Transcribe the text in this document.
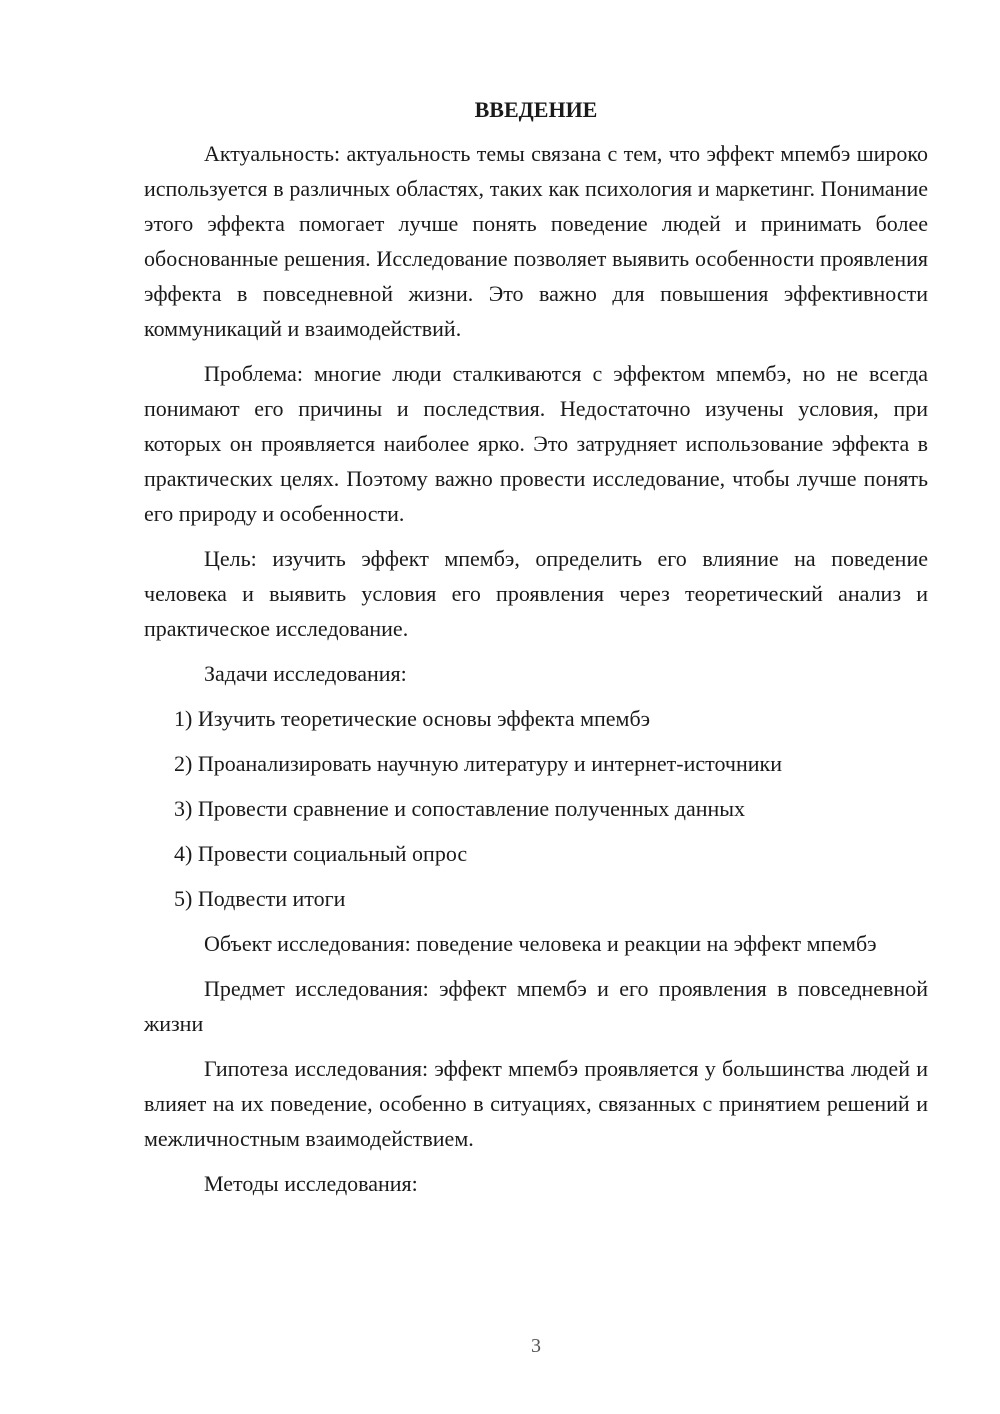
ВВЕДЕНИЕ

Актуальность: актуальность темы связана с тем, что эффект мпембэ широко используется в различных областях, таких как психология и маркетинг. Понимание этого эффекта помогает лучше понять поведение людей и принимать более обоснованные решения. Исследование позволяет выявить особенности проявления эффекта в повседневной жизни. Это важно для повышения эффективности коммуникаций и взаимодействий.

Проблема: многие люди сталкиваются с эффектом мпембэ, но не всегда понимают его причины и последствия. Недостаточно изучены условия, при которых он проявляется наиболее ярко. Это затрудняет использование эффекта в практических целях. Поэтому важно провести исследование, чтобы лучше понять его природу и особенности.

Цель: изучить эффект мпембэ, определить его влияние на поведение человека и выявить условия его проявления через теоретический анализ и практическое исследование.

Задачи исследования:

1) Изучить теоретические основы эффекта мпембэ
2) Проанализировать научную литературу и интернет-источники
3) Провести сравнение и сопоставление полученных данных
4) Провести социальный опрос
5) Подвести итоги

Объект исследования: поведение человека и реакции на эффект мпембэ

Предмет исследования: эффект мпембэ и его проявления в повседневной жизни

Гипотеза исследования: эффект мпембэ проявляется у большинства людей и влияет на их поведение, особенно в ситуациях, связанных с принятием решений и межличностным взаимодействием.

Методы исследования:

3
